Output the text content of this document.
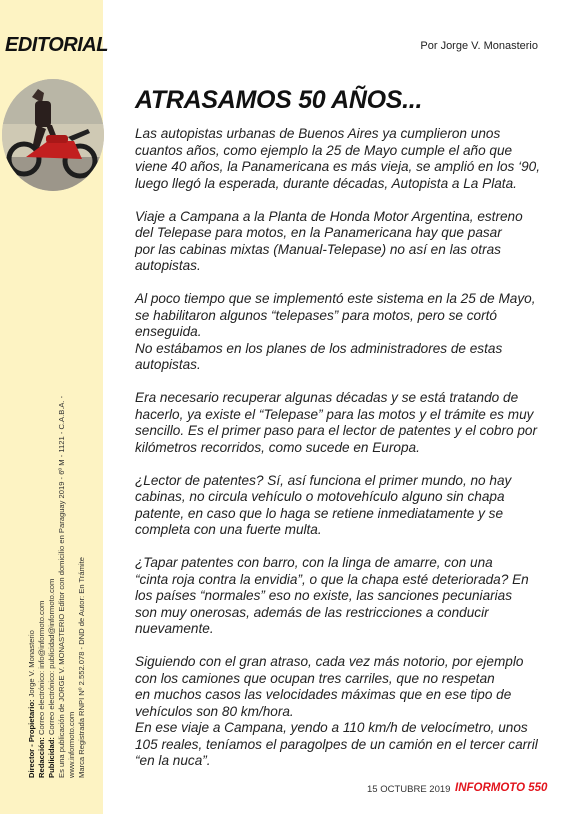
EDITORIAL
Director - Propietario: Jorge V. Monasterio
Redacción: Correo electrónico: info@informoto.com
Publicidad: Correo electrónico: publicidad@informoto.com Es una publicación de JORGE V. MONASTERIO Editor con domicilio en Paraguay 2019 - 6º M - 1121 - C.A.B.A. - www.informoto.com Marca Registrada RNPI Nº 2.552.078 - DND de Autor: En Trámite
Por Jorge V. Monasterio
ATRASAMOS 50 AÑOS...

Las autopistas urbanas de Buenos Aires ya cumplieron unos
cuantos años, como ejemplo la 25 de Mayo cumple el año que
viene 40 años, la Panamericana es más vieja, se amplió en los ‘90,
luego llegó la esperada, durante décadas, Autopista a La Plata.

Viaje a Campana a la Planta de Honda Motor Argentina, estreno
del Telepase para motos, en la Panamericana hay que pasar
por las cabinas mixtas (Manual-Telepase) no así en las otras
autopistas.

Al poco tiempo que se implementó este sistema en la 25 de Mayo,
se habilitaron algunos “telepases” para motos, pero se cortó
enseguida.
No estábamos en los planes de los administradores de estas
autopistas.

Era necesario recuperar algunas décadas y se está tratando de
hacerlo, ya existe el “Telepase” para las motos y el trámite es muy
sencillo. Es el primer paso para el lector de patentes y el cobro por
kilómetros recorridos, como sucede en Europa.

¿Lector de patentes? Sí, así funciona el primer mundo, no hay
cabinas, no circula vehículo o motovehículo alguno sin chapa
patente, en caso que lo haga se retiene inmediatamente y se
completa con una fuerte multa.

¿Tapar patentes con barro, con la linga de amarre, con una
“cinta roja contra la envidia”, o que la chapa esté deteriorada? En
los países “normales” eso no existe, las sanciones pecuniarias
son muy onerosas, además de las restricciones a conducir
nuevamente.

Siguiendo con el gran atraso, cada vez más notorio, por ejemplo
con los camiones que ocupan tres carriles, que no respetan
en muchos casos las velocidades máximas que en ese tipo de
vehículos son 80 km/hora.
En ese viaje a Campana, yendo a 110 km/h de velocímetro, unos
105 reales, teníamos el paragolpes de un camión en el tercer carril
“en la nuca”.

15 OCTUBRE 2019 INFORMOTO 550
